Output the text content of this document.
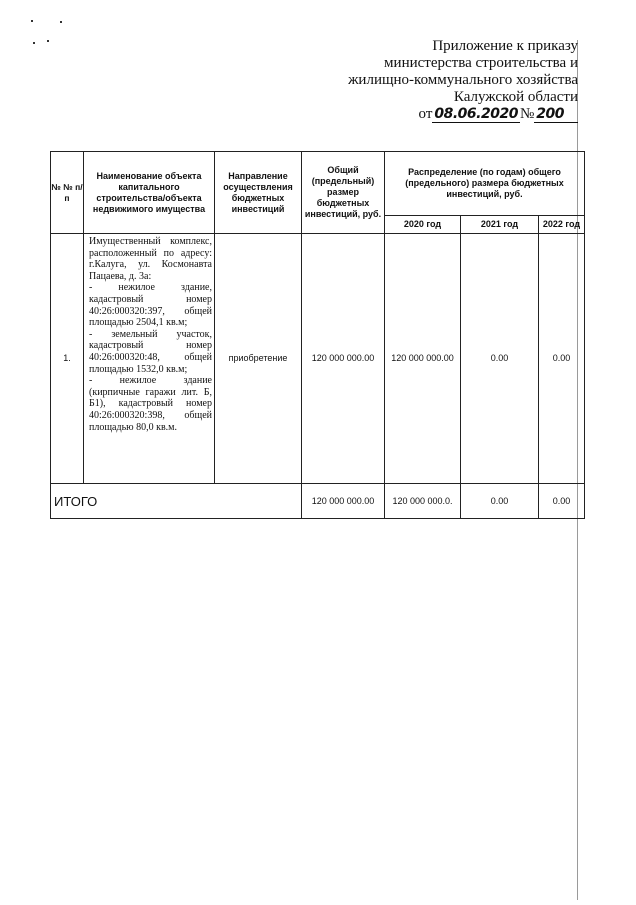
Приложение к приказу
министерства строительства и
жилищно-коммунального хозяйства
Калужской области
от 08.06.2020 № 200
№ № п/п	Наименование объекта капитального строительства/объекта недвижимого имущества	Направление осуществления бюджетных инвестиций	Общий (предельный) размер бюджетных инвестиций, руб.	Распределение (по годам) общего (предельного) размера бюджетных инвестиций, руб.		
				2020 год	2021 год	2022 год
1.	Имущественный комплекс, расположенный по адресу: г.Калуга, ул. Космонавта Пацаева, д. 3а:
- нежилое здание, кадастровый номер 40:26:000320:397, общей площадью 2504,1 кв.м;
- земельный участок, кадастровый номер 40:26:000320:48, общей площадью 1532,0 кв.м;
- нежилое здание (кирпичные гаражи лит. Б, Б1), кадастровый номер 40:26:000320:398, общей площадью 80,0 кв.м.	приобретение	120 000 000.00	120 000 000.00	0.00	0.00
ИТОГО			120 000 000.00	120 000 000.0.	0.00	0.00
